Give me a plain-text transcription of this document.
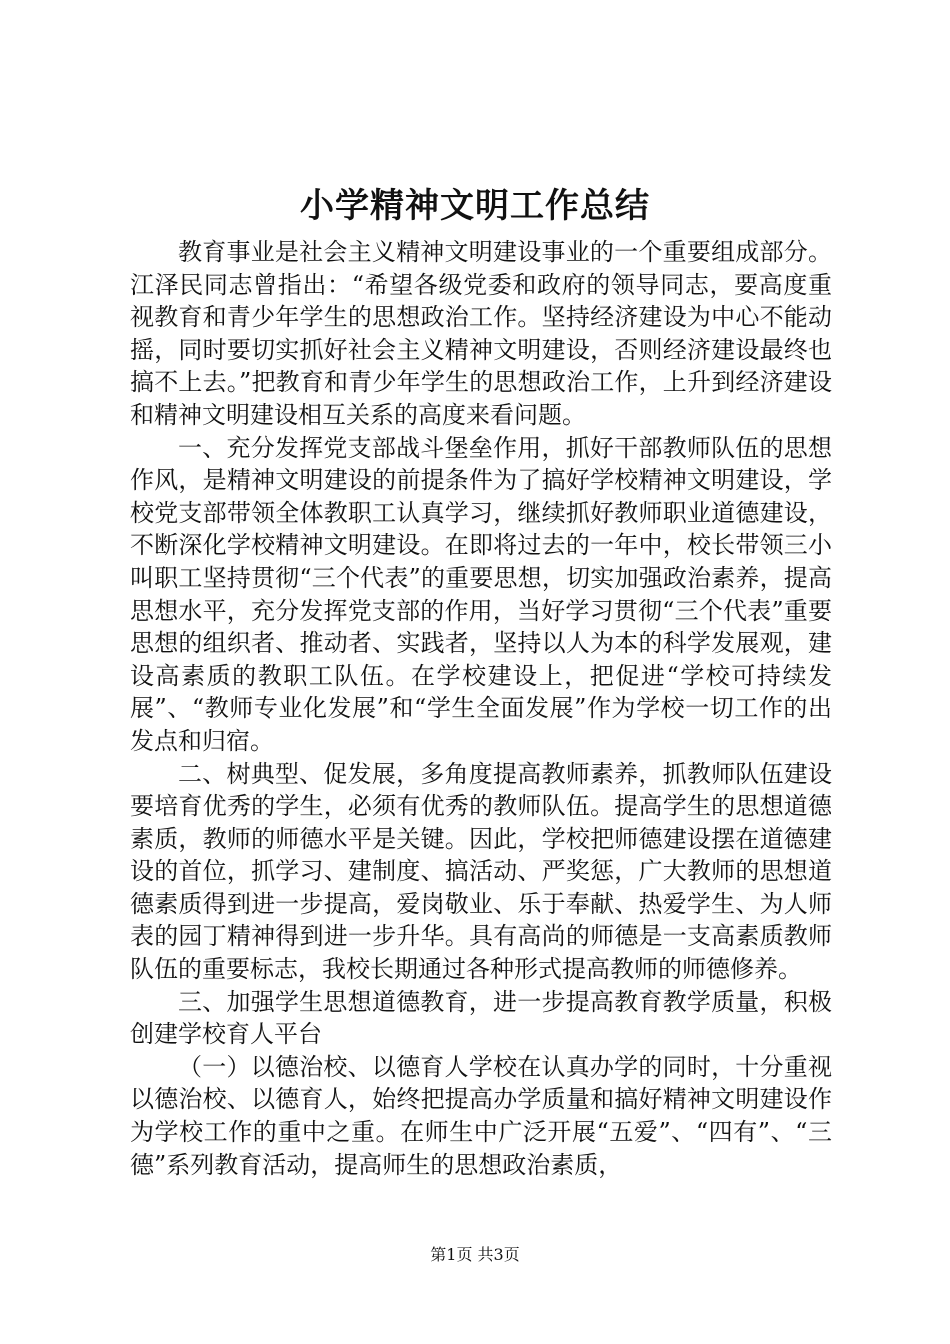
小学精神文明工作总结

教育事业是社会主义精神文明建设事业的一个重要组成部分。江泽民同志曾指出：“希望各级党委和政府的领导同志，要高度重视教育和青少年学生的思想政治工作。坚持经济建设为中心不能动摇，同时要切实抓好社会主义精神文明建设，否则经济建设最终也搞不上去。”把教育和青少年学生的思想政治工作，上升到经济建设和精神文明建设相互关系的高度来看问题。

一、充分发挥党支部战斗堡垒作用，抓好干部教师队伍的思想作风，是精神文明建设的前提条件为了搞好学校精神文明建设，学校党支部带领全体教职工认真学习，继续抓好教师职业道德建设，不断深化学校精神文明建设。在即将过去的一年中，校长带领三小叫职工坚持贯彻“三个代表”的重要思想，切实加强政治素养，提高思想水平，充分发挥党支部的作用，当好学习贯彻“三个代表”重要思想的组织者、推动者、实践者，坚持以人为本的科学发展观，建设高素质的教职工队伍。在学校建设上，把促进“学校可持续发展”、“教师专业化发展”和“学生全面发展”作为学校一切工作的出发点和归宿。

二、树典型、促发展，多角度提高教师素养，抓教师队伍建设要培育优秀的学生，必须有优秀的教师队伍。提高学生的思想道德素质，教师的师德水平是关键。因此，学校把师德建设摆在道德建设的首位，抓学习、建制度、搞活动、严奖惩，广大教师的思想道德素质得到进一步提高，爱岗敬业、乐于奉献、热爱学生、为人师表的园丁精神得到进一步升华。具有高尚的师德是一支高素质教师队伍的重要标志，我校长期通过各种形式提高教师的师德修养。

三、加强学生思想道德教育，进一步提高教育教学质量，积极创建学校育人平台

（一）以德治校、以德育人学校在认真办学的同时，十分重视以德治校、以德育人，始终把提高办学质量和搞好精神文明建设作为学校工作的重中之重。在师生中广泛开展“五爱”、“四有”、“三德”系列教育活动，提高师生的思想政治素质，

第1页 共3页
